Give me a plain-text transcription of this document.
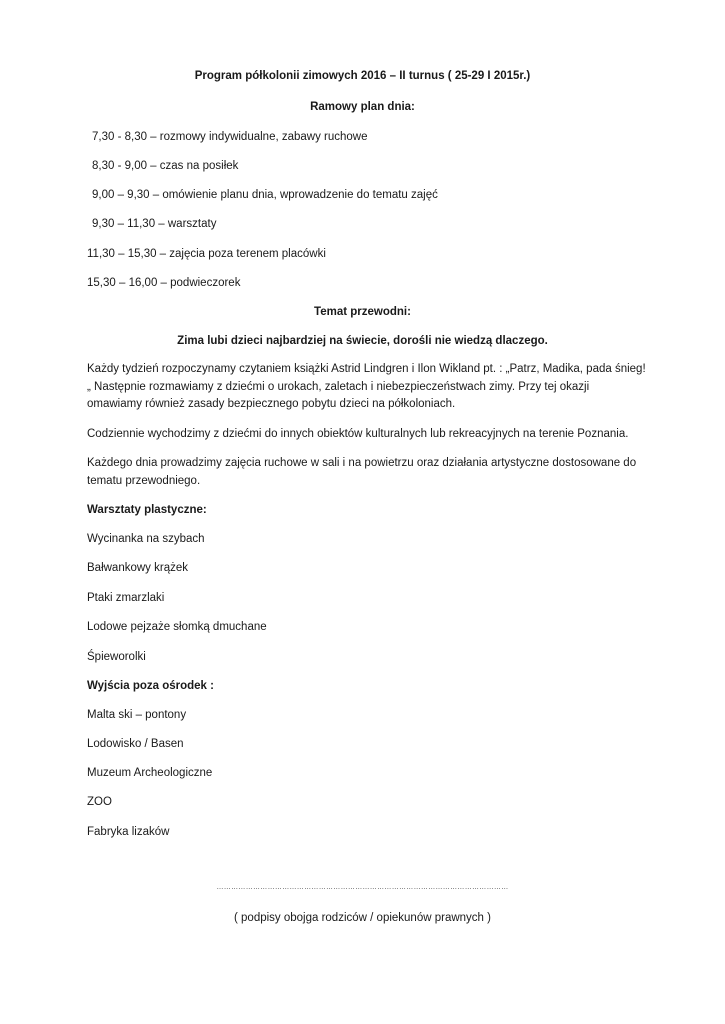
Program półkolonii zimowych 2016 – II turnus ( 25-29 I 2015r.)
Ramowy plan dnia:
7,30 - 8,30 – rozmowy indywidualne, zabawy ruchowe
8,30 - 9,00 – czas na posiłek
9,00 – 9,30 – omówienie planu dnia, wprowadzenie do tematu zajęć
9,30 – 11,30 – warsztaty
11,30 – 15,30 – zajęcia poza terenem placówki
15,30 – 16,00 – podwieczorek
Temat przewodni:
Zima lubi dzieci najbardziej na świecie, dorośli nie wiedzą dlaczego.
Każdy tydzień rozpoczynamy czytaniem książki Astrid Lindgren i Ilon Wikland pt. : „Patrz, Madika, pada śnieg! „ Następnie rozmawiamy z dziećmi o urokach, zaletach i niebezpieczeństwach zimy. Przy tej okazji omawiamy również zasady bezpiecznego pobytu dzieci na półkoloniach.
Codziennie wychodzimy z dziećmi do innych obiektów kulturalnych lub rekreacyjnych na terenie Poznania.
Każdego dnia prowadzimy zajęcia ruchowe w sali i na powietrzu oraz działania artystyczne dostosowane do tematu przewodniego.
Warsztaty plastyczne:
Wycinanka na szybach
Bałwankowy krążek
Ptaki zmarzlaki
Lodowe pejzaże słomką dmuchane
Śpieworolki
Wyjścia poza ośrodek :
Malta ski – pontony
Lodowisko / Basen
Muzeum Archeologiczne
ZOO
Fabryka lizaków
…………………………………………………………………………………………………………
( podpisy obojga rodziców / opiekunów prawnych )
